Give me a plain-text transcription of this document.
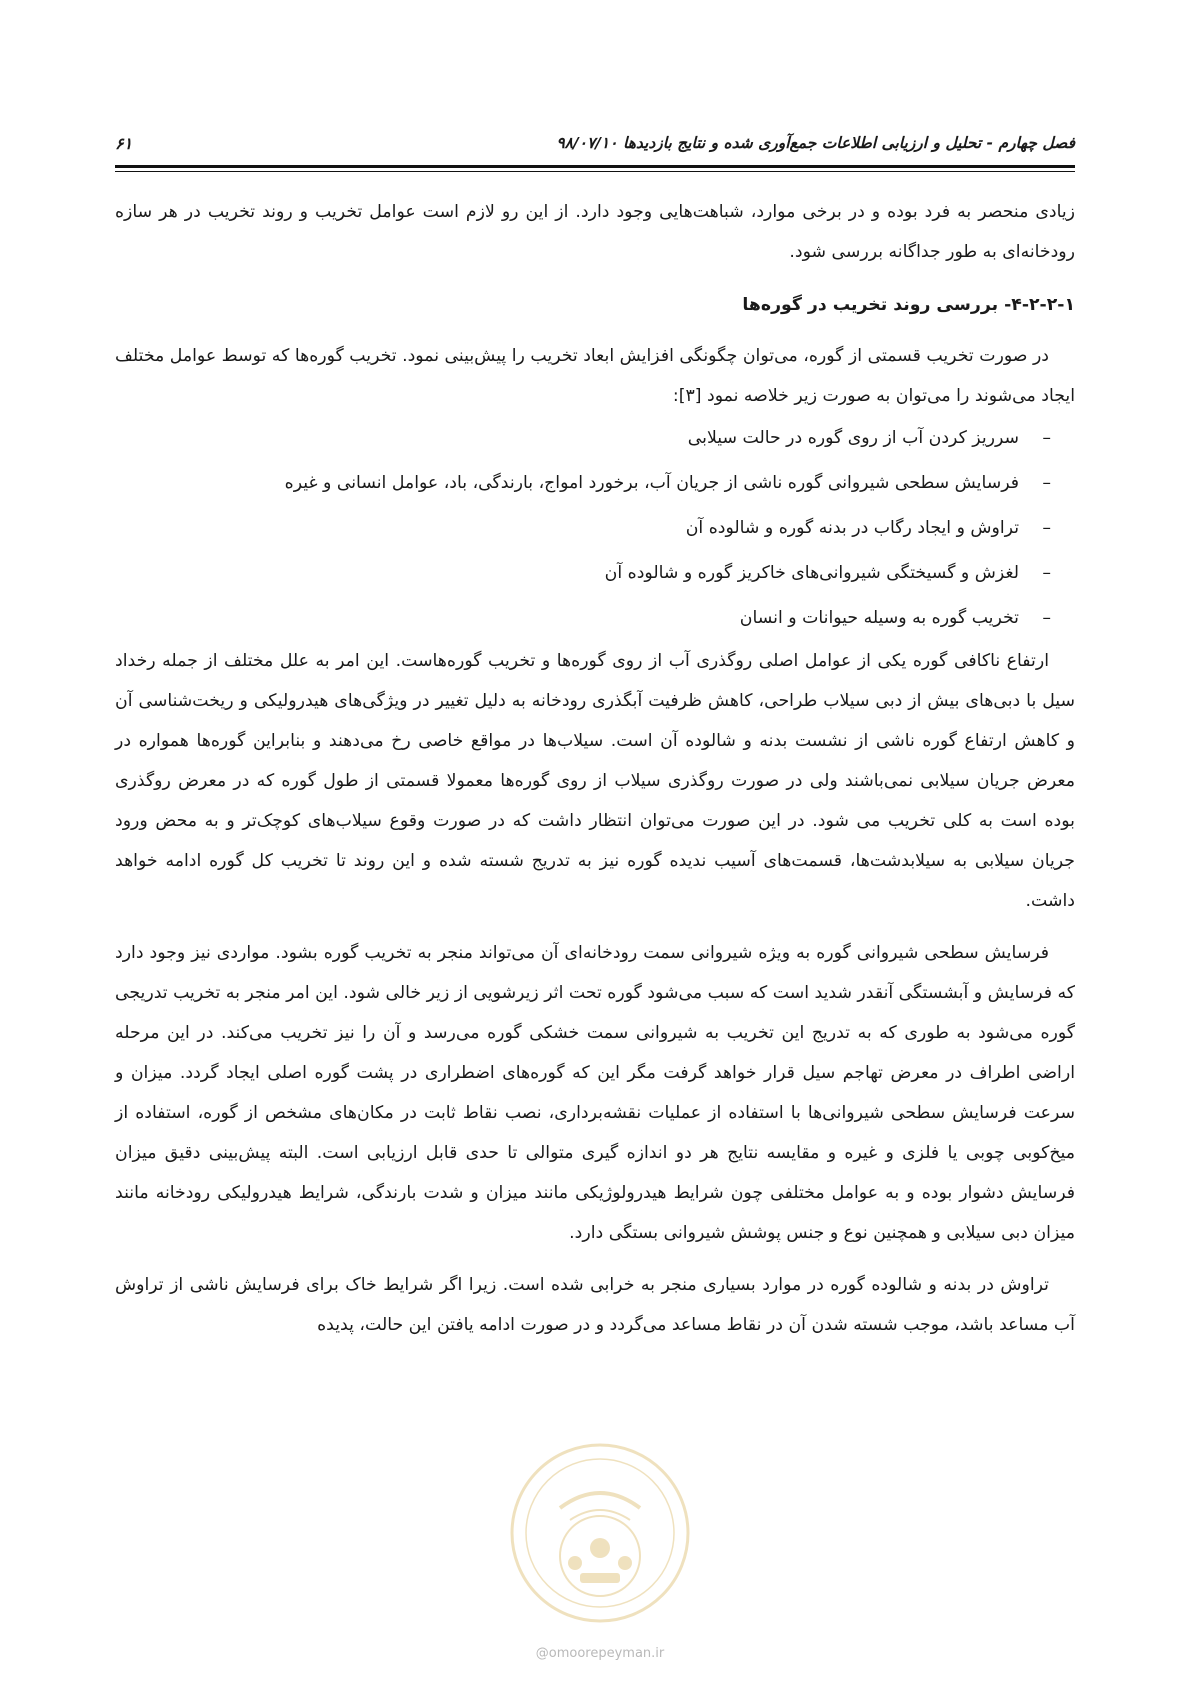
فصل چهارم - تحلیل و ارزیابی اطلاعات جمع‌آوری شده و نتایج بازدیدها ۹۸/۰۷/۱۰
۶۱

زیادی منحصر به فرد بوده و در برخی موارد، شباهت‌هایی وجود دارد. از این رو لازم است عوامل تخریب و روند تخریب در هر سازه رودخانه‌ای به طور جداگانه بررسی شود.

۴-۲-۲-۱- بررسی روند تخریب در گوره‌ها

در صورت تخریب قسمتی از گوره، می‌توان چگونگی افزایش ابعاد تخریب را پیش‌بینی نمود. تخریب گوره‌ها که توسط عوامل مختلف ایجاد می‌شوند را می‌توان به صورت زیر خلاصه نمود [۳]:

–
سرریز کردن آب از روی گوره در حالت سیلابی
–
فرسایش سطحی شیروانی گوره ناشی از جریان آب، برخورد امواج، بارندگی، باد، عوامل انسانی و غیره
–
تراوش و ایجاد رگاب در بدنه گوره و شالوده آن
–
لغزش و گسیختگی شیروانی‌های خاکریز گوره و شالوده آن
–
تخریب گوره به وسیله حیوانات و انسان

ارتفاع ناکافی گوره یکی از عوامل اصلی روگذری آب از روی گوره‌ها و تخریب گوره‌هاست. این امر به علل مختلف از جمله رخداد سیل با دبی‌های بیش از دبی سیلاب طراحی، کاهش ظرفیت آبگذری رودخانه به دلیل تغییر در ویژگی‌های هیدرولیکی و ریخت‌شناسی آن و کاهش ارتفاع گوره ناشی از نشست بدنه و شالوده آن است. سیلاب‌ها در مواقع خاصی رخ می‌دهند و بنابراین گوره‌ها همواره در معرض جریان سیلابی نمی‌باشند ولی در صورت روگذری سیلاب از روی گوره‌ها معمولا قسمتی از طول گوره که در معرض روگذری بوده است به کلی تخریب می شود. در این صورت می‌توان انتظار داشت که در صورت وقوع سیلاب‌های کوچک‌تر و به محض ورود جریان سیلابی به سیلابدشت‌ها، قسمت‌های آسیب ندیده گوره نیز به تدریج شسته شده و این روند تا تخریب کل گوره ادامه خواهد داشت.

فرسایش سطحی شیروانی گوره به ویژه شیروانی سمت رودخانه‌ای آن می‌تواند منجر به تخریب گوره بشود. مواردی نیز وجود دارد که فرسایش و آبشستگی آنقدر شدید است که سبب می‌شود گوره تحت اثر زیرشویی از زیر خالی شود. این امر منجر به تخریب تدریجی گوره می‌شود به طوری که به تدریج این تخریب به شیروانی سمت خشکی گوره می‌رسد و آن را نیز تخریب می‌کند. در این مرحله اراضی اطراف در معرض تهاجم سیل قرار خواهد گرفت مگر این که گوره‌های اضطراری در پشت گوره اصلی ایجاد گردد. میزان و سرعت فرسایش سطحی شیروانی‌ها با استفاده از عملیات نقشه‌برداری، نصب نقاط ثابت در مکان‌های مشخص از گوره، استفاده از میخ‌کوبی چوبی یا فلزی و غیره و مقایسه نتایج هر دو اندازه گیری متوالی تا حدی قابل ارزیابی است. البته پیش‌بینی دقیق میزان فرسایش دشوار بوده و به عوامل مختلفی چون شرایط هیدرولوژیکی مانند میزان و شدت بارندگی، شرایط هیدرولیکی رودخانه مانند میزان دبی سیلابی و همچنین نوع و جنس پوشش شیروانی بستگی دارد.

تراوش در بدنه و شالوده گوره در موارد بسیاری منجر به خرابی شده است. زیرا اگر شرایط خاک برای فرسایش ناشی از تراوش آب مساعد باشد، موجب شسته شدن آن در نقاط مساعد می‌گردد و در صورت ادامه یافتن این حالت، پدیده

@omoorepeyman.ir
